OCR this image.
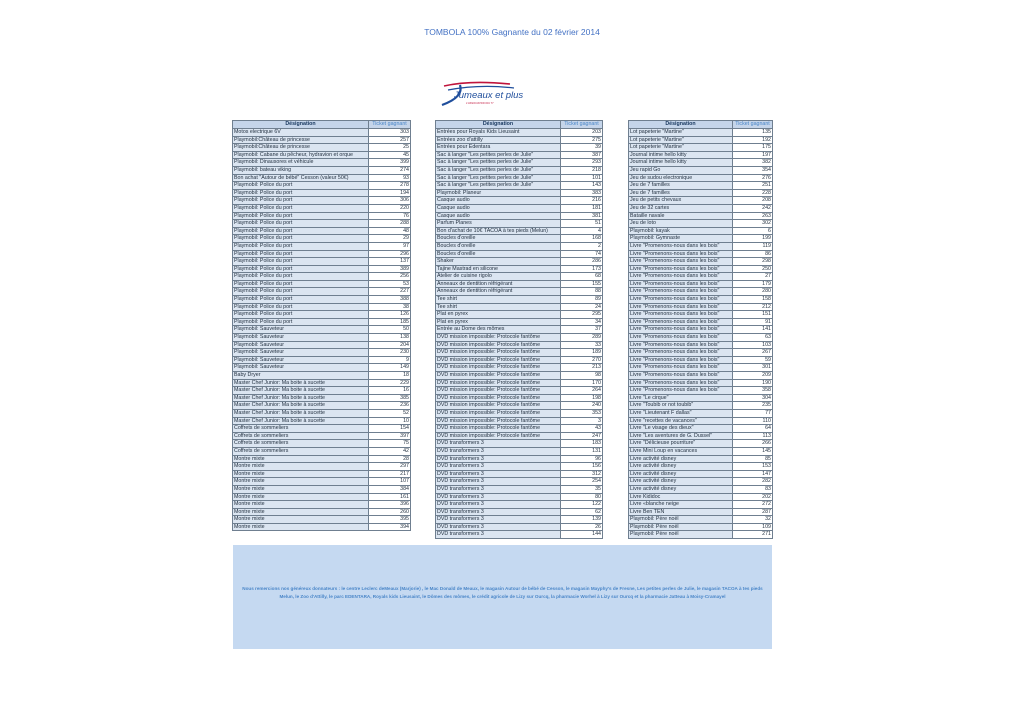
TOMBOLA 100% Gagnante du 02 février 2014
Jumeaux et plus
L'ASSOCIATION DU 77
Désignation	Ticket gagnant
Motos electrique 6V	303
Playmobil:Château de princesse	257
Playmobil:Château de princesse	25
Playmobil: Cabane du pêcheur, hydravion et orque	45
Playmobil: Dinausores et véhicule	399
Playmobil: bateau viking	274
Bon achat "Autour de bébé" Cesson (valeur 50€)	93
Playmobil: Police du port	278
Playmobil: Police du port	194
Playmobil: Police du port	306
Playmobil: Police du port	220
Playmobil: Police du port	76
Playmobil: Police du port	288
Playmobil: Police du port	48
Playmobil: Police du port	29
Playmobil: Police du port	97
Playmobil: Police du port	296
Playmobil: Police du port	137
Playmobil: Police du port	389
Playmobil: Police du port	256
Playmobil: Police du port	53
Playmobil: Police du port	227
Playmobil: Police du port	388
Playmobil: Police du port	38
Playmobil: Police du port	126
Playmobil: Police du port	185
Playmobil: Sauveteur	50
Playmobil: Sauveteur	138
Playmobil: Sauveteur	204
Playmobil: Sauveteur	230
Playmobil: Sauveteur	9
Playmobil: Sauveteur	149
Baby Dryer	18
Master Chef Junior: Ma boite à sucette	229
Master Chef Junior: Ma boite à sucette	16
Master Chef Junior: Ma boite à sucette	385
Master Chef Junior: Ma boite à sucette	236
Master Chef Junior: Ma boite à sucette	52
Master Chef Junior: Ma boite à sucette	10
Coffrets de sommeliers	154
Coffrets de sommeliers	397
Coffrets de sommeliers	75
Coffrets de sommeliers	42
Montre mixte	28
Montre mixte	297
Montre mixte	217
Montre mixte	107
Montre mixte	384
Montre mixte	161
Montre mixte	396
Montre mixte	260
Montre mixte	395
Montre mixte	394
Désignation	Ticket gagnant
Entrées pour Royals Kids Lieusaint	203
Entrées zoo d'attilly	275
Entrées pour Edentara	39
Sac à langer "Les petites perles de Julie"	387
Sac à langer "Les petites perles de Julie"	293
Sac à langer "Les petites perles de Julie"	218
Sac à langer "Les petites perles de Julie"	101
Sac à langer "Les petites perles de Julie"	143
Playmobil: Planeur	383
Casque audio	216
Casque audio	181
Casque audio	381
Parfum Planes	51
Bon d'achat de 10€ TACOA à tes pieds (Melun)	4
Boucles d'oreille	168
Boucles d'oreille	2
Boucles d'oreille	74
Shaker	286
Tajine Mastrad en silicone	173
Atelier de cuisine rigolo	68
Anneaux de dentition réfrigérant	155
Anneaux de dentition réfrigérant	88
Tee shirt	89
Tee shirt	24
Plat en pyrex	295
Plat en pyrex	34
Entrée au Dome des mômes	37
DVD mission impossible: Protocole fantôme	289
DVD mission impossible: Protocole fantôme	33
DVD mission impossible: Protocole fantôme	189
DVD mission impossible: Protocole fantôme	270
DVD mission impossible: Protocole fantôme	213
DVD mission impossible: Protocole fantôme	98
DVD mission impossible: Protocole fantôme	170
DVD mission impossible: Protocole fantôme	264
DVD mission impossible: Protocole fantôme	198
DVD mission impossible: Protocole fantôme	240
DVD mission impossible: Protocole fantôme	353
DVD mission impossible: Protocole fantôme	3
DVD mission impossible: Protocole fantôme	43
DVD mission impossible: Protocole fantôme	247
DVD transformers 3	183
DVD transformers 3	131
DVD transformers 3	96
DVD transformers 3	156
DVD transformers 3	312
DVD transformers 3	254
DVD transformers 3	35
DVD transformers 3	80
DVD transformers 3	122
DVD transformers 3	62
DVD transformers 3	139
DVD transformers 3	26
DVD transformers 3	144
Désignation	Ticket gagnant
Lot papeterie "Martine"	135
Lot papeterie "Martine"	192
Lot papeterie "Martine"	175
Journal intime hello kitty	197
Journal intime hello kitty	382
Jeu rapid Go	354
Jeu de sudou electronique	276
Jeu de 7 familles	251
Jeu de 7 familles	228
Jeu de petits chevaux	208
Jeu de 32 cartes	242
Bataille navale	263
Jeu de loto	302
Playmobil: kayak	6
Playmobil: Gymnaste	199
Livre "Promenons-nous dans les bois"	119
Livre "Promenons-nous dans les bois"	86
Livre "Promenons-nous dans les bois"	298
Livre "Promenons-nous dans les bois"	250
Livre "Promenons-nous dans les bois"	27
Livre "Promenons-nous dans les bois"	179
Livre "Promenons-nous dans les bois"	280
Livre "Promenons-nous dans les bois"	158
Livre "Promenons-nous dans les bois"	212
Livre "Promenons-nous dans les bois"	151
Livre "Promenons-nous dans les bois"	91
Livre "Promenons-nous dans les bois"	141
Livre "Promenons-nous dans les bois"	63
Livre "Promenons-nous dans les bois"	103
Livre "Promenons-nous dans les bois"	267
Livre "Promenons-nous dans les bois"	59
Livre "Promenons-nous dans les bois"	301
Livre "Promenons-nous dans les bois"	209
Livre "Promenons-nous dans les bois"	190
Livre "Promenons-nous dans les bois"	358
Livre "Le cirque"	304
Livre "Toubib or not toubib"	235
Livre "Lieutenant F dallas"	77
Livre "recettes de vacances"	110
Livre "Le visage des dieux"	64
Livre "Les aventures de G. Dussel"	113
Livre "Délicieuse pourriture"	266
Livre Mini Loup en vacances	145
Livre activité disney	85
Livre activité disney	153
Livre activité disney	147
Livre activité disney	282
Livre activité disney	83
Livre Kididoc	202
Livre «blanche neige	272
Livre Ben TEN	287
Playmobil: Père noël	32
Playmobil: Père noël	109
Playmobil: Père noël	271
Nous remercions nos généreux donnateurs : le centre Leclerc deMeaux (Marjorie) , le Mac Donald de Meaux, le magasin Autour de bébé de Cesson, le magasin Mayphy's de Fresne, Les petites perles de Julie, le magasin TACOA à tes pieds Melun, le Zoo d'Attilly, le parc EDENTARA, Royals kids Lieusaint, le Dômes des mômes, le crédit agricole de Lizy sur Ourcq, la pharmacie Worhel à Lizy sur Ourcq et la pharmacie Jatteau à Moisy-Cramayel
